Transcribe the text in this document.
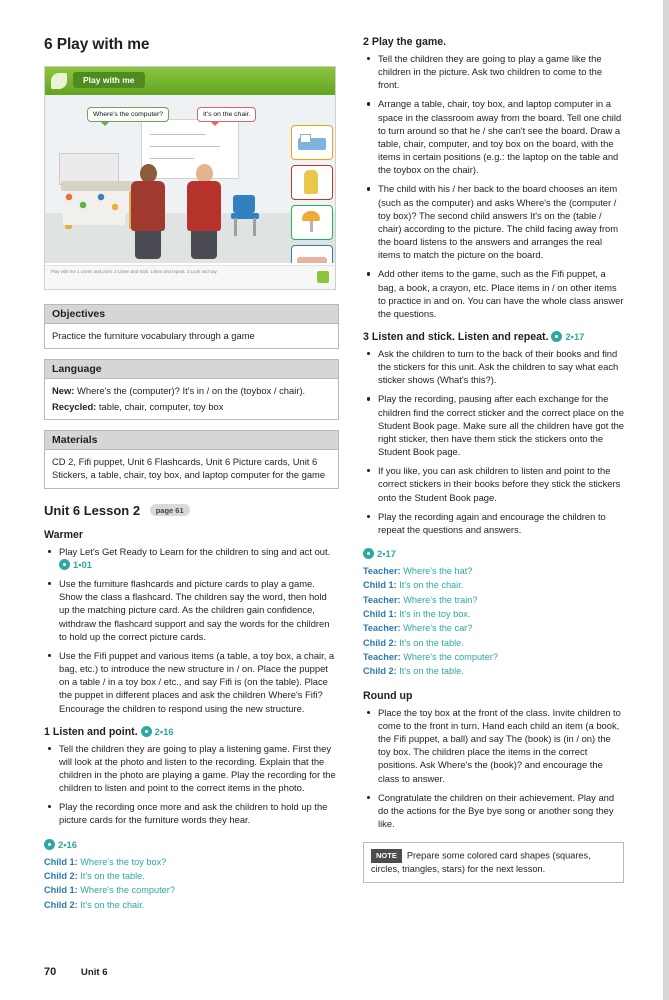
6 Play with me
Play with me
Where's the computer?	It's on the chair.
Play with me 1 Listen and point. 2 Listen and stick. Listen and repeat. 3 Look and say.
Objectives
Practice the furniture vocabulary through a game
Language
New: Where's the (computer)? It's in / on the (toybox / chair).
Recycled: table, chair, computer, toy box
Materials
CD 2, Fifi puppet, Unit 6 Flashcards, Unit 6 Picture cards, Unit 6 Stickers, a table, chair, toy box, and laptop computer for the game
Unit 6 Lesson 2 page 61
Warmer
Play Let's Get Ready to Learn for the children to sing and act out.
1•01
Use the furniture flashcards and picture cards to play a game. Show the class a flashcard. The children say the word, then hold up the matching picture card. As the children gain confidence, withdraw the flashcard support and say the words for the children to hold up the correct picture cards.
Use the Fifi puppet and various items (a table, a toy box, a chair, a bag, etc.) to introduce the new structure in / on. Place the puppet on a table / in a toy box / etc., and say Fifi is (on the table). Place the puppet in different places and ask the children Where's Fifi? Encourage the children to respond using the new structure.
1 Listen and point. 2•16
Tell the children they are going to play a listening game. First they will look at the photo and listen to the recording. Explain that the children in the photo are playing a game. Play the recording for the children to listen and point to the correct items in the photo.
Play the recording once more and ask the children to hold up the picture cards for the furniture words they hear.
2•16
Child 1: Where's the toy box?
Child 2: It's on the table.
Child 1: Where's the computer?
Child 2: It's on the chair.
2 Play the game.
Tell the children they are going to play a game like the children in the picture. Ask two children to come to the front.
Arrange a table, chair, toy box, and laptop computer in a space in the classroom away from the board. Tell one child to turn around so that he / she can't see the board. Draw a table, chair, computer, and toy box on the board, with the items in certain positions (e.g.: the laptop on the table and the toybox on the chair).
The child with his / her back to the board chooses an item (such as the computer) and asks Where's the (computer / toy box)? The second child answers It's on the (table / chair) according to the picture. The child facing away from the board listens to the answers and arranges the real items to match the picture on the board.
Add other items to the game, such as the Fifi puppet, a bag, a book, a crayon, etc. Place items in / on other items to practice in and on. You can have the whole class answer the questions.
3 Listen and stick. Listen and repeat. 2•17
Ask the children to turn to the back of their books and find the stickers for this unit. Ask the children to say what each sticker shows (What's this?).
Play the recording, pausing after each exchange for the children find the correct sticker and the correct place on the Student Book page. Make sure all the children have got the right sticker, then have them stick the stickers onto the Student Book page.
If you like, you can ask children to listen and point to the correct stickers in their books before they stick the stickers onto the Student Book page.
Play the recording again and encourage the children to repeat the questions and answers.
2•17
Teacher: Where's the hat?
Child 1: It's on the chair.
Teacher: Where's the train?
Child 1: It's in the toy box.
Teacher: Where's the car?
Child 2: It's on the table.
Teacher: Where's the computer?
Child 2: It's on the table.
Round up
Place the toy box at the front of the class. Invite children to come to the front in turn. Hand each child an item (a book, the Fifi puppet, a ball) and say The (book) is (in / on) the toy box. The children place the items in the correct positions. Ask Where's the (book)? and encourage the class to answer.
Congratulate the children on their achievement. Play and do the actions for the Bye bye song or another song they like.
NOTE Prepare some colored card shapes (squares, circles, triangles, stars) for the next lesson.
70	Unit 6
